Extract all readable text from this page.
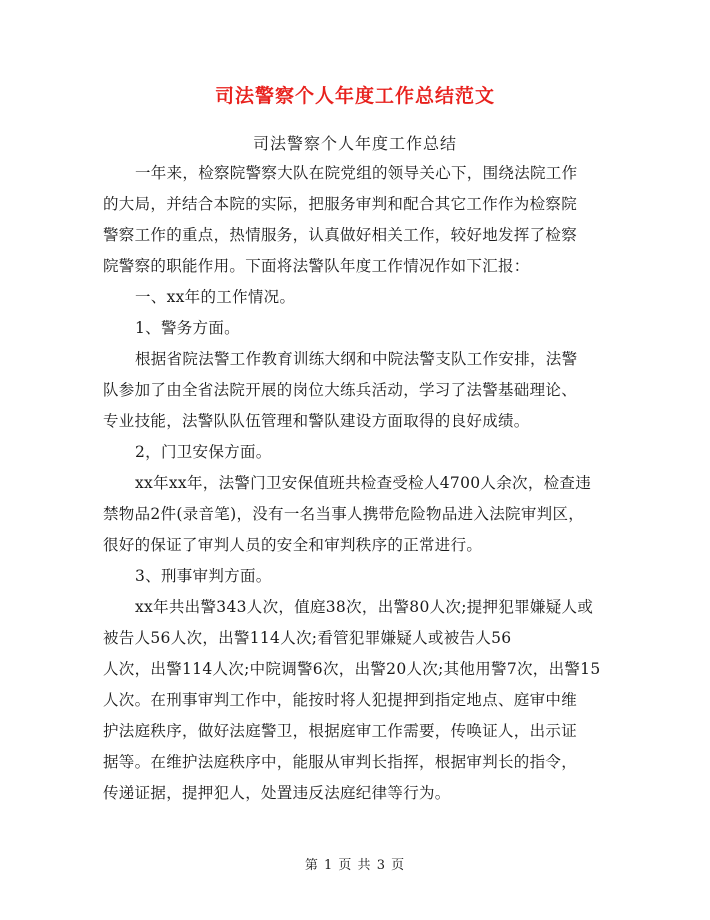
司法警察个人年度工作总结范文
司法警察个人年度工作总结
一年来，检察院警察大队在院党组的领导关心下，围绕法院工作
的大局，并结合本院的实际，把服务审判和配合其它工作作为检察院
警察工作的重点，热情服务，认真做好相关工作，较好地发挥了检察
院警察的职能作用。下面将法警队年度工作情况作如下汇报：
一、xx年的工作情况。
1、警务方面。
根据省院法警工作教育训练大纲和中院法警支队工作安排，法警
队参加了由全省法院开展的岗位大练兵活动，学习了法警基础理论、
专业技能，法警队队伍管理和警队建设方面取得的良好成绩。
2，门卫安保方面。
xx年xx年，法警门卫安保值班共检查受检人4700人余次，检查违
禁物品2件(录音笔)，没有一名当事人携带危险物品进入法院审判区，
很好的保证了审判人员的安全和审判秩序的正常进行。
3、刑事审判方面。
xx年共出警343人次，值庭38次，出警80人次;提押犯罪嫌疑人或
被告人56人次，出警114人次;看管犯罪嫌疑人或被告人56
人次，出警114人次;中院调警6次，出警20人次;其他用警7次，出警15
人次。在刑事审判工作中，能按时将人犯提押到指定地点、庭审中维
护法庭秩序，做好法庭警卫，根据庭审工作需要，传唤证人，出示证
据等。在维护法庭秩序中，能服从审判长指挥，根据审判长的指令，
传递证据，提押犯人，处置违反法庭纪律等行为。
第 1 页 共 3 页
